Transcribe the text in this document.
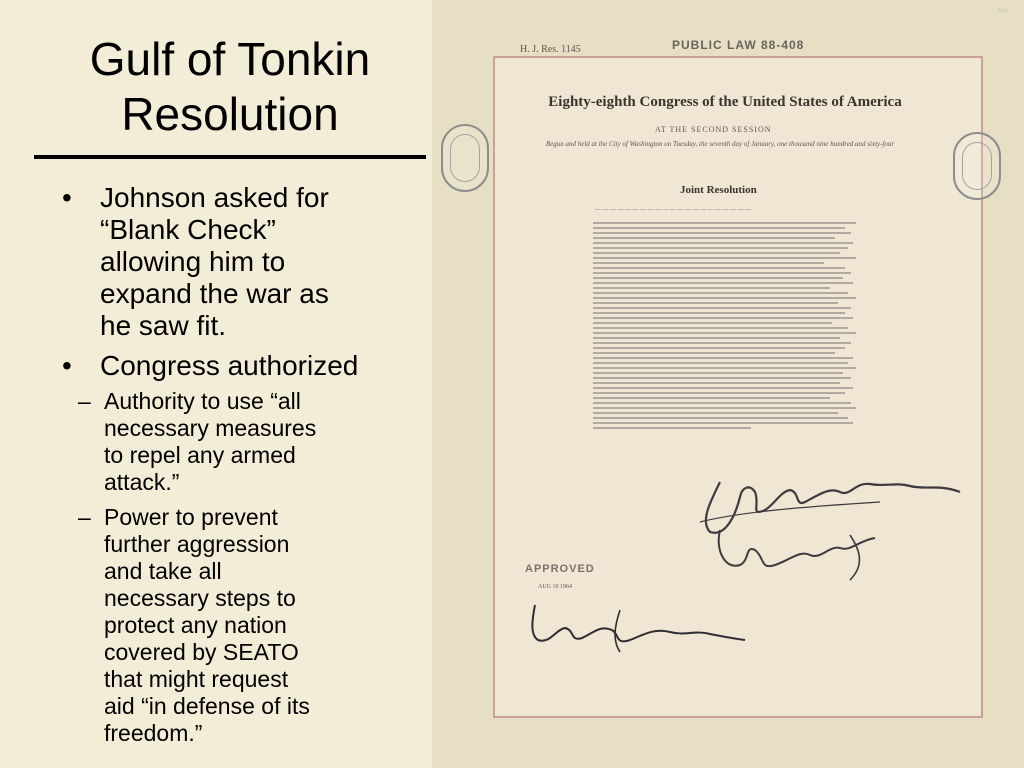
Gulf of Tonkin
Resolution
• Johnson asked for
“Blank Check”
allowing him to
expand the war as
he saw fit.
• Congress authorized
– Authority to use “all
necessary measures
to repel any armed
attack.”
– Power to prevent
further aggression
and take all
necessary steps to
protect any nation
covered by SEATO
that might request
aid “in defense of its
freedom.”
Dru
H. J. Res. 1145	PUBLIC LAW 88-408
Eighty-eighth Congress of the United States of America
AT THE SECOND SESSION
Begun and held at the City of Washington on Tuesday, the seventh day of January, one thousand nine hundred and sixty-four
Joint Resolution
— — — — — — — — — — — — — — — — — — — — —
APPROVED
AUG 10 1964
